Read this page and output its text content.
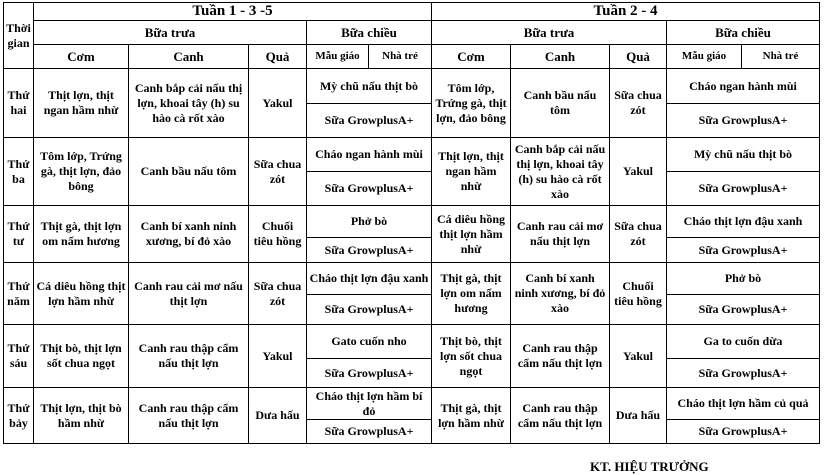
Thời gian	Tuần 1 - 3 -5					Tuần 2 - 4				
	Bữa trưa			Bữa chiều		Bữa trưa			Bữa chiều	
	Cơm	Canh	Quả	Mẫu giáo	Nhà trẻ	Cơm	Canh	Quả	Mẫu giáo	Nhà trẻ
Thứ hai	Thịt lợn, thịt ngan hầm nhừ	Canh bắp cải nấu thị lợn, khoai tây (h) su hào cà rốt xào	Yakul	Mỳ chũ nấu thịt bò		Tôm lớp, Trứng gà, thịt lợn, đảo bông	Canh bầu nấu tôm	Sữa chua zót	Cháo ngan hành mùi	
				Sữa GrowplusA+					Sữa GrowplusA+	
Thứ ba	Tôm lớp, Trứng gà, thịt lợn, đảo bông	Canh bầu nấu tôm	Sữa chua zót	Cháo ngan hành mùi		Thịt lợn, thịt ngan hầm nhừ	Canh bắp cải nấu thị lợn, khoai tây (h) su hào cà rốt xào	Yakul	Mỳ chũ nấu thịt bò	
				Sữa GrowplusA+					Sữa GrowplusA+	
Thứ tư	Thịt gà, thịt lợn om nấm hương	Canh bí xanh ninh xương, bí đỏ xào	Chuối tiêu hồng	Phở bò		Cá diêu hồng thịt lợn hầm nhừ	Canh rau cải mơ nấu thịt lợn	Sữa chua zót	Cháo thịt lợn đậu xanh	
				Sữa GrowplusA+					Sữa GrowplusA+	
Thứ năm	Cá diêu hồng thịt lợn hầm nhừ	Canh rau cải mơ nấu thịt lợn	Sữa chua zót	Cháo thịt lợn đậu xanh		Thịt gà, thịt lợn om nấm hương	Canh bí xanh ninh xương, bí đỏ xào	Chuối tiêu hồng	Phở bò	
				Sữa GrowplusA+					Sữa GrowplusA+	
Thứ sáu	Thịt bò, thịt lợn sốt chua ngọt	Canh rau thập cẩm nấu thịt lợn	Yakul	Gato cuốn nho		Thịt bò, thịt lợn sốt chua ngọt	Canh rau thập cẩm nấu thịt lợn	Yakul	Ga to cuốn dừa	
				Sữa GrowplusA+					Sữa GrowplusA+	
Thứ bảy	Thịt lợn, thịt bò hầm nhừ	Canh rau thập cẩm nấu thịt lợn	Dưa hấu	Cháo thịt lợn hầm bí đỏ		Thịt gà, thịt lợn hầm nhừ	Canh rau thập cẩm nấu thịt lợn	Dưa hấu	Cháo thịt lợn hầm củ quả	
				Sữa GrowplusA+					Sữa GrowplusA+	
KT. HIỆU TRƯỞNG
